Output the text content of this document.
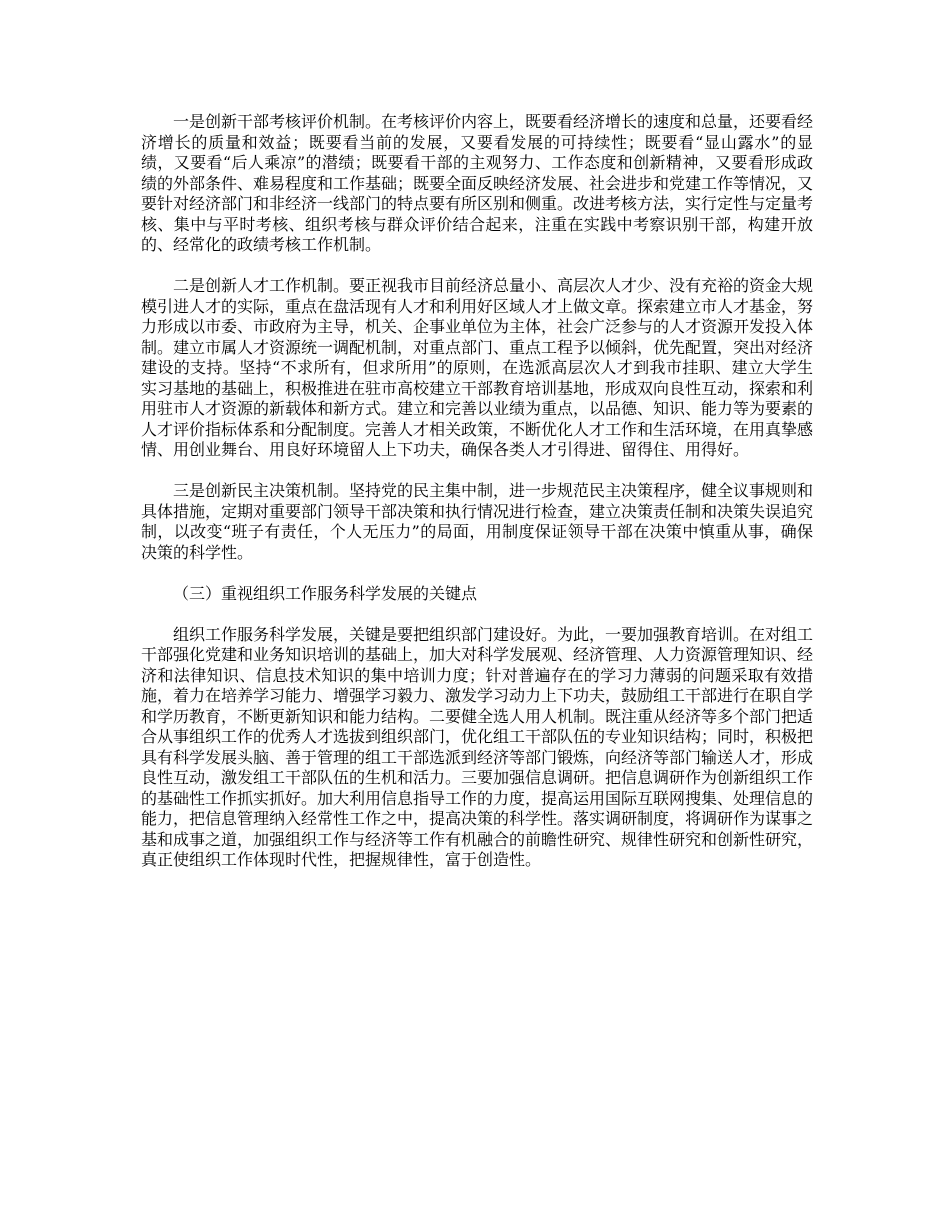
一是创新干部考核评价机制。在考核评价内容上，既要看经济增长的速度和总量，还要看经济增长的质量和效益；既要看当前的发展，又要看发展的可持续性；既要看“显山露水”的显绩，又要看“后人乘凉”的潜绩；既要看干部的主观努力、工作态度和创新精神，又要看形成政绩的外部条件、难易程度和工作基础；既要全面反映经济发展、社会进步和党建工作等情况，又要针对经济部门和非经济一线部门的特点要有所区别和侧重。改进考核方法，实行定性与定量考核、集中与平时考核、组织考核与群众评价结合起来，注重在实践中考察识别干部，构建开放的、经常化的政绩考核工作机制。

二是创新人才工作机制。要正视我市目前经济总量小、高层次人才少、没有充裕的资金大规模引进人才的实际，重点在盘活现有人才和利用好区域人才上做文章。探索建立市人才基金，努力形成以市委、市政府为主导，机关、企事业单位为主体，社会广泛参与的人才资源开发投入体制。建立市属人才资源统一调配机制，对重点部门、重点工程予以倾斜，优先配置，突出对经济建设的支持。坚持“不求所有，但求所用”的原则，在选派高层次人才到我市挂职、建立大学生实习基地的基础上，积极推进在驻市高校建立干部教育培训基地，形成双向良性互动，探索和利用驻市人才资源的新载体和新方式。建立和完善以业绩为重点，以品德、知识、能力等为要素的人才评价指标体系和分配制度。完善人才相关政策，不断优化人才工作和生活环境，在用真挚感情、用创业舞台、用良好环境留人上下功夫，确保各类人才引得进、留得住、用得好。

三是创新民主决策机制。坚持党的民主集中制，进一步规范民主决策程序，健全议事规则和具体措施，定期对重要部门领导干部决策和执行情况进行检查，建立决策责任制和决策失误追究制，以改变“班子有责任，个人无压力”的局面，用制度保证领导干部在决策中慎重从事，确保决策的科学性。

（三）重视组织工作服务科学发展的关键点

组织工作服务科学发展，关键是要把组织部门建设好。为此，一要加强教育培训。在对组工干部强化党建和业务知识培训的基础上，加大对科学发展观、经济管理、人力资源管理知识、经济和法律知识、信息技术知识的集中培训力度；针对普遍存在的学习力薄弱的问题采取有效措施，着力在培养学习能力、增强学习毅力、激发学习动力上下功夫，鼓励组工干部进行在职自学和学历教育，不断更新知识和能力结构。二要健全选人用人机制。既注重从经济等多个部门把适合从事组织工作的优秀人才选拔到组织部门，优化组工干部队伍的专业知识结构；同时，积极把具有科学发展头脑、善于管理的组工干部选派到经济等部门锻炼，向经济等部门输送人才，形成良性互动，激发组工干部队伍的生机和活力。三要加强信息调研。把信息调研作为创新组织工作的基础性工作抓实抓好。加大利用信息指导工作的力度，提高运用国际互联网搜集、处理信息的能力，把信息管理纳入经常性工作之中，提高决策的科学性。落实调研制度，将调研作为谋事之基和成事之道，加强组织工作与经济等工作有机融合的前瞻性研究、规律性研究和创新性研究，真正使组织工作体现时代性，把握规律性，富于创造性。
